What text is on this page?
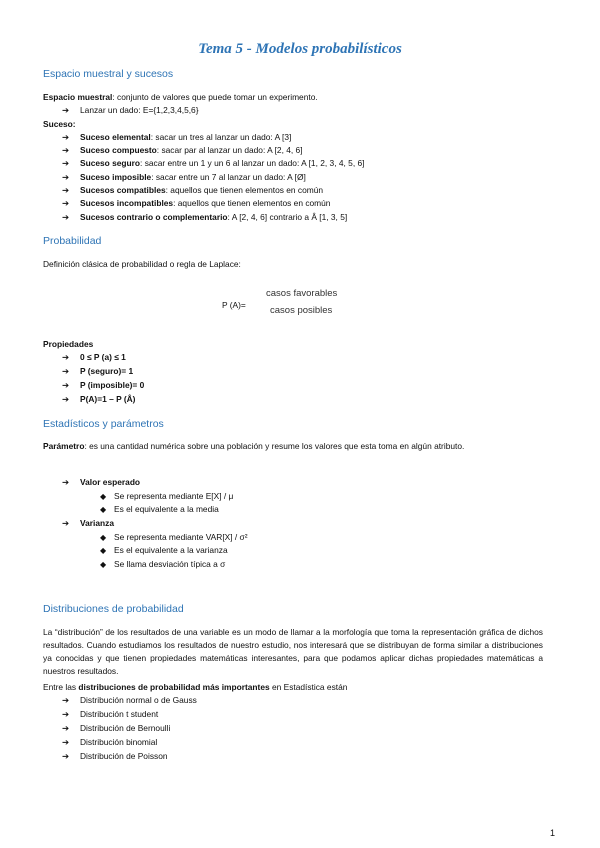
Tema 5 - Modelos probabilísticos
Espacio muestral y sucesos
Espacio muestral: conjunto de valores que puede tomar un experimento.
➔ Lanzar un dado: E={1,2,3,4,5,6}
Suceso:
➔ Suceso elemental: sacar un tres al lanzar un dado: A [3]
➔ Suceso compuesto: sacar par al lanzar un dado: A [2, 4, 6]
➔ Suceso seguro: sacar entre un 1 y un 6 al lanzar un dado: A [1, 2, 3, 4, 5, 6]
➔ Suceso imposible: sacar entre un 7 al lanzar un dado: A [Ø]
➔ Sucesos compatibles: aquellos que tienen elementos en común
➔ Sucesos incompatibles: aquellos que tienen elementos en común
➔ Sucesos contrario o complementario: A [2, 4, 6] contrario a Â [1, 3, 5]
Probabilidad
Definición clásica de probabilidad o regla de Laplace:
P (A)=
casos favorables
casos posibles
Propiedades
➔ 0 ≤ P (a) ≤ 1
➔ P (seguro)= 1
➔ P (imposible)= 0
➔ P(A)=1 – P (Â)
Estadísticos y parámetros
Parámetro: es una cantidad numérica sobre una población y resume los valores que esta toma en algún atributo.
➔ Valor esperado
◆ Se representa mediante E[X] / μ
◆ Es el equivalente a la media
➔ Varianza
◆ Se representa mediante VAR[X] / σ²
◆ Es el equivalente a la varianza
◆ Se llama desviación típica a σ
Distribuciones de probabilidad
La “distribución” de los resultados de una variable es un modo de llamar a la morfología que toma la representación gráfica de dichos resultados. Cuando estudiamos los resultados de nuestro estudio, nos interesará que se distribuyan de forma similar a distribuciones ya conocidas y que tienen propiedades matemáticas interesantes, para que podamos aplicar dichas propiedades matemáticas a nuestros resultados.
Entre las distribuciones de probabilidad más importantes en Estadística están
➔ Distribución normal o de Gauss
➔ Distribución t student
➔ Distribución de Bernoulli
➔ Distribución binomial
➔ Distribución de Poisson
1
